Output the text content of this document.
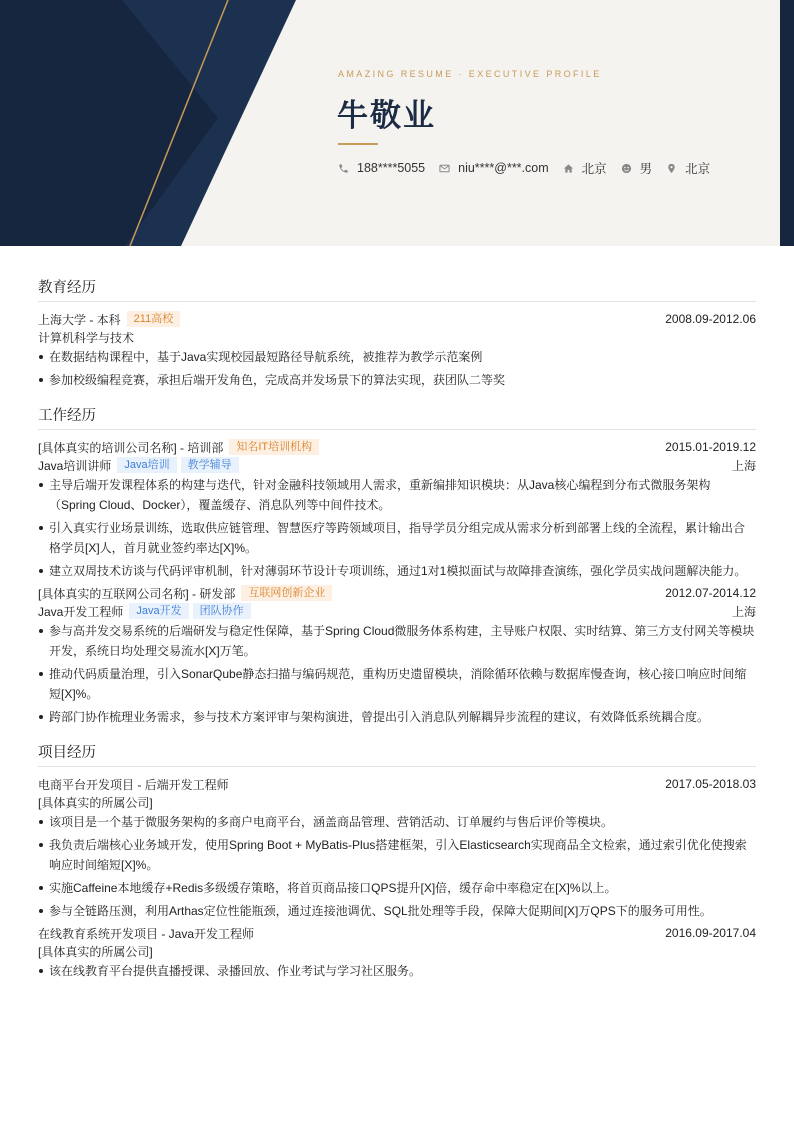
AMAZING RESUME · EXECUTIVE PROFILE
牛敬业
188****5055	niu****@***.com	北京	男	北京
教育经历
上海大学 - 本科	211高校	2008.09-2012.06
计算机科学与技术
在数据结构课程中，基于Java实现校园最短路径导航系统，被推荐为教学示范案例
参加校级编程竞赛，承担后端开发角色，完成高并发场景下的算法实现，获团队二等奖
工作经历
[具体真实的培训公司名称] - 培训部	知名IT培训机构	2015.01-2019.12
Java培训讲师	Java培训	教学辅导	上海
主导后端开发课程体系的构建与迭代，针对金融科技领域用人需求，重新编排知识模块：从Java核心编程到分布式微服务架构（Spring Cloud、Docker），覆盖缓存、消息队列等中间件技术。
引入真实行业场景训练，选取供应链管理、智慧医疗等跨领域项目，指导学员分组完成从需求分析到部署上线的全流程，累计输出合格学员[X]人，首月就业签约率达[X]%。
建立双周技术访谈与代码评审机制，针对薄弱环节设计专项训练，通过1对1模拟面试与故障排查演练，强化学员实战问题解决能力。
[具体真实的互联网公司名称] - 研发部	互联网创新企业	2012.07-2014.12
Java开发工程师	Java开发	团队协作	上海
参与高并发交易系统的后端研发与稳定性保障，基于Spring Cloud微服务体系构建，主导账户权限、实时结算、第三方支付网关等模块开发，系统日均处理交易流水[X]万笔。
推动代码质量治理，引入SonarQube静态扫描与编码规范，重构历史遗留模块，消除循环依赖与数据库慢查询，核心接口响应时间缩短[X]%。
跨部门协作梳理业务需求，参与技术方案评审与架构演进，曾提出引入消息队列解耦异步流程的建议，有效降低系统耦合度。
项目经历
电商平台开发项目 - 后端开发工程师	2017.05-2018.03
[具体真实的所属公司]
该项目是一个基于微服务架构的多商户电商平台，涵盖商品管理、营销活动、订单履约与售后评价等模块。
我负责后端核心业务域开发，使用Spring Boot + MyBatis-Plus搭建框架，引入Elasticsearch实现商品全文检索，通过索引优化使搜索响应时间缩短[X]%。
实施Caffeine本地缓存+Redis多级缓存策略，将首页商品接口QPS提升[X]倍，缓存命中率稳定在[X]%以上。
参与全链路压测，利用Arthas定位性能瓶颈，通过连接池调优、SQL批处理等手段，保障大促期间[X]万QPS下的服务可用性。
在线教育系统开发项目 - Java开发工程师	2016.09-2017.04
[具体真实的所属公司]
该在线教育平台提供直播授课、录播回放、作业考试与学习社区服务。
